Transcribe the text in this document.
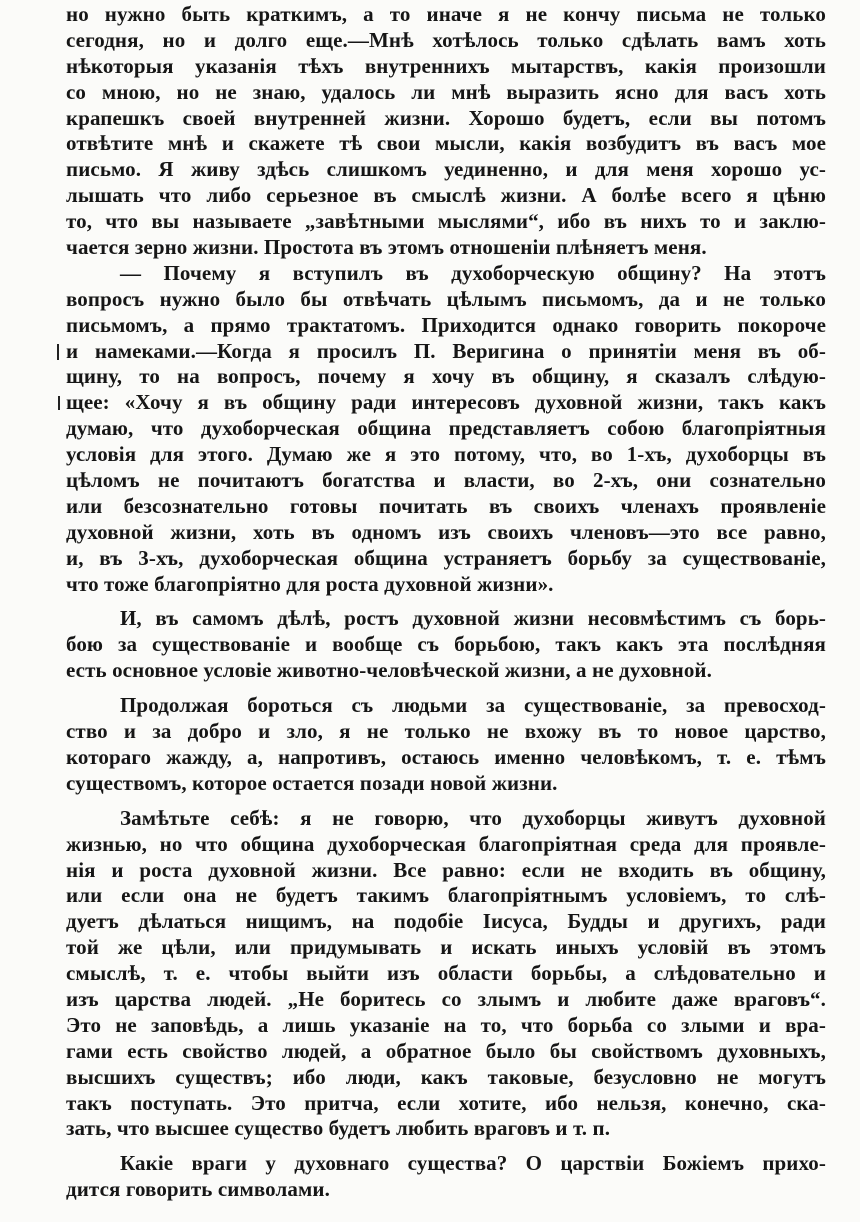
но нужно быть краткимъ, а то иначе я не кончу письма не только
сегодня, но и долго еще.—Мнѣ хотѣлось только сдѣлать вамъ хоть
нѣкоторыя указанія тѣхъ внутреннихъ мытарствъ, какія произошли
со мною, но не знаю, удалось ли мнѣ выразить ясно для васъ хоть
крапешкъ своей внутренней жизни. Хорошо будетъ, если вы потомъ
отвѣтите мнѣ и скажете тѣ свои мысли, какія возбудитъ въ васъ мое
письмо. Я живу здѣсь слишкомъ уединенно, и для меня хорошо ус-
лышать что либо серьезное въ смыслѣ жизни. А болѣе всего я цѣню
то, что вы называете „завѣтными мыслями“, ибо въ нихъ то и заклю-
чается зерно жизни. Простота въ этомъ отношеніи плѣняетъ меня.
— Почему я вступилъ въ духоборческую общину? На этотъ
вопросъ нужно было бы отвѣчать цѣлымъ письмомъ, да и не только
письмомъ, а прямо трактатомъ. Приходится однако говорить покороче
и намеками.—Когда я просилъ П. Веригина о принятіи меня въ об-
щину, то на вопросъ, почему я хочу въ общину, я сказалъ слѣдую-
щее: «Хочу я въ общину ради интересовъ духовной жизни, такъ какъ
думаю, что духоборческая община представляетъ собою благопріятныя
условія для этого. Думаю же я это потому, что, во 1-хъ, духоборцы въ
цѣломъ не почитаютъ богатства и власти, во 2-хъ, они сознательно
или безсознательно готовы почитать въ своихъ членахъ проявленіе
духовной жизни, хоть въ одномъ изъ своихъ членовъ—это все равно,
и, въ 3-хъ, духоборческая община устраняетъ борьбу за существованіе,
что тоже благопріятно для роста духовной жизни».
И, въ самомъ дѣлѣ, ростъ духовной жизни несовмѣстимъ съ борь-
бою за существованіе и вообще съ борьбою, такъ какъ эта послѣдняя
есть основное условіе животно-человѣческой жизни, а не духовной.
Продолжая бороться съ людьми за существованіе, за превосход-
ство и за добро и зло, я не только не вхожу въ то новое царство,
котораго жажду, а, напротивъ, остаюсь именно человѣкомъ, т. е. тѣмъ
существомъ, которое остается позади новой жизни.
Замѣтьте себѣ: я не говорю, что духоборцы живутъ духовной
жизнью, но что община духоборческая благопріятная среда для проявле-
нія и роста духовной жизни. Все равно: если не входить въ общину,
или если она не будетъ такимъ благопріятнымъ условіемъ, то слѣ-
дуетъ дѣлаться нищимъ, на подобіе Іисуса, Будды и другихъ, ради
той же цѣли, или придумывать и искать иныхъ условій въ этомъ
смыслѣ, т. е. чтобы выйти изъ области борьбы, а слѣдовательно и
изъ царства людей. „Не боритесь со злымъ и любите даже враговъ“.
Это не заповѣдь, а лишь указаніе на то, что борьба со злыми и вра-
гами есть свойство людей, а обратное было бы свойствомъ духовныхъ,
высшихъ существъ; ибо люди, какъ таковые, безусловно не могутъ
такъ поступать. Это притча, если хотите, ибо нельзя, конечно, ска-
зать, что высшее существо будетъ любить враговъ и т. п.
Какіе враги у духовнаго существа? О царствіи Божіемъ прихо-
дится говорить символами.
